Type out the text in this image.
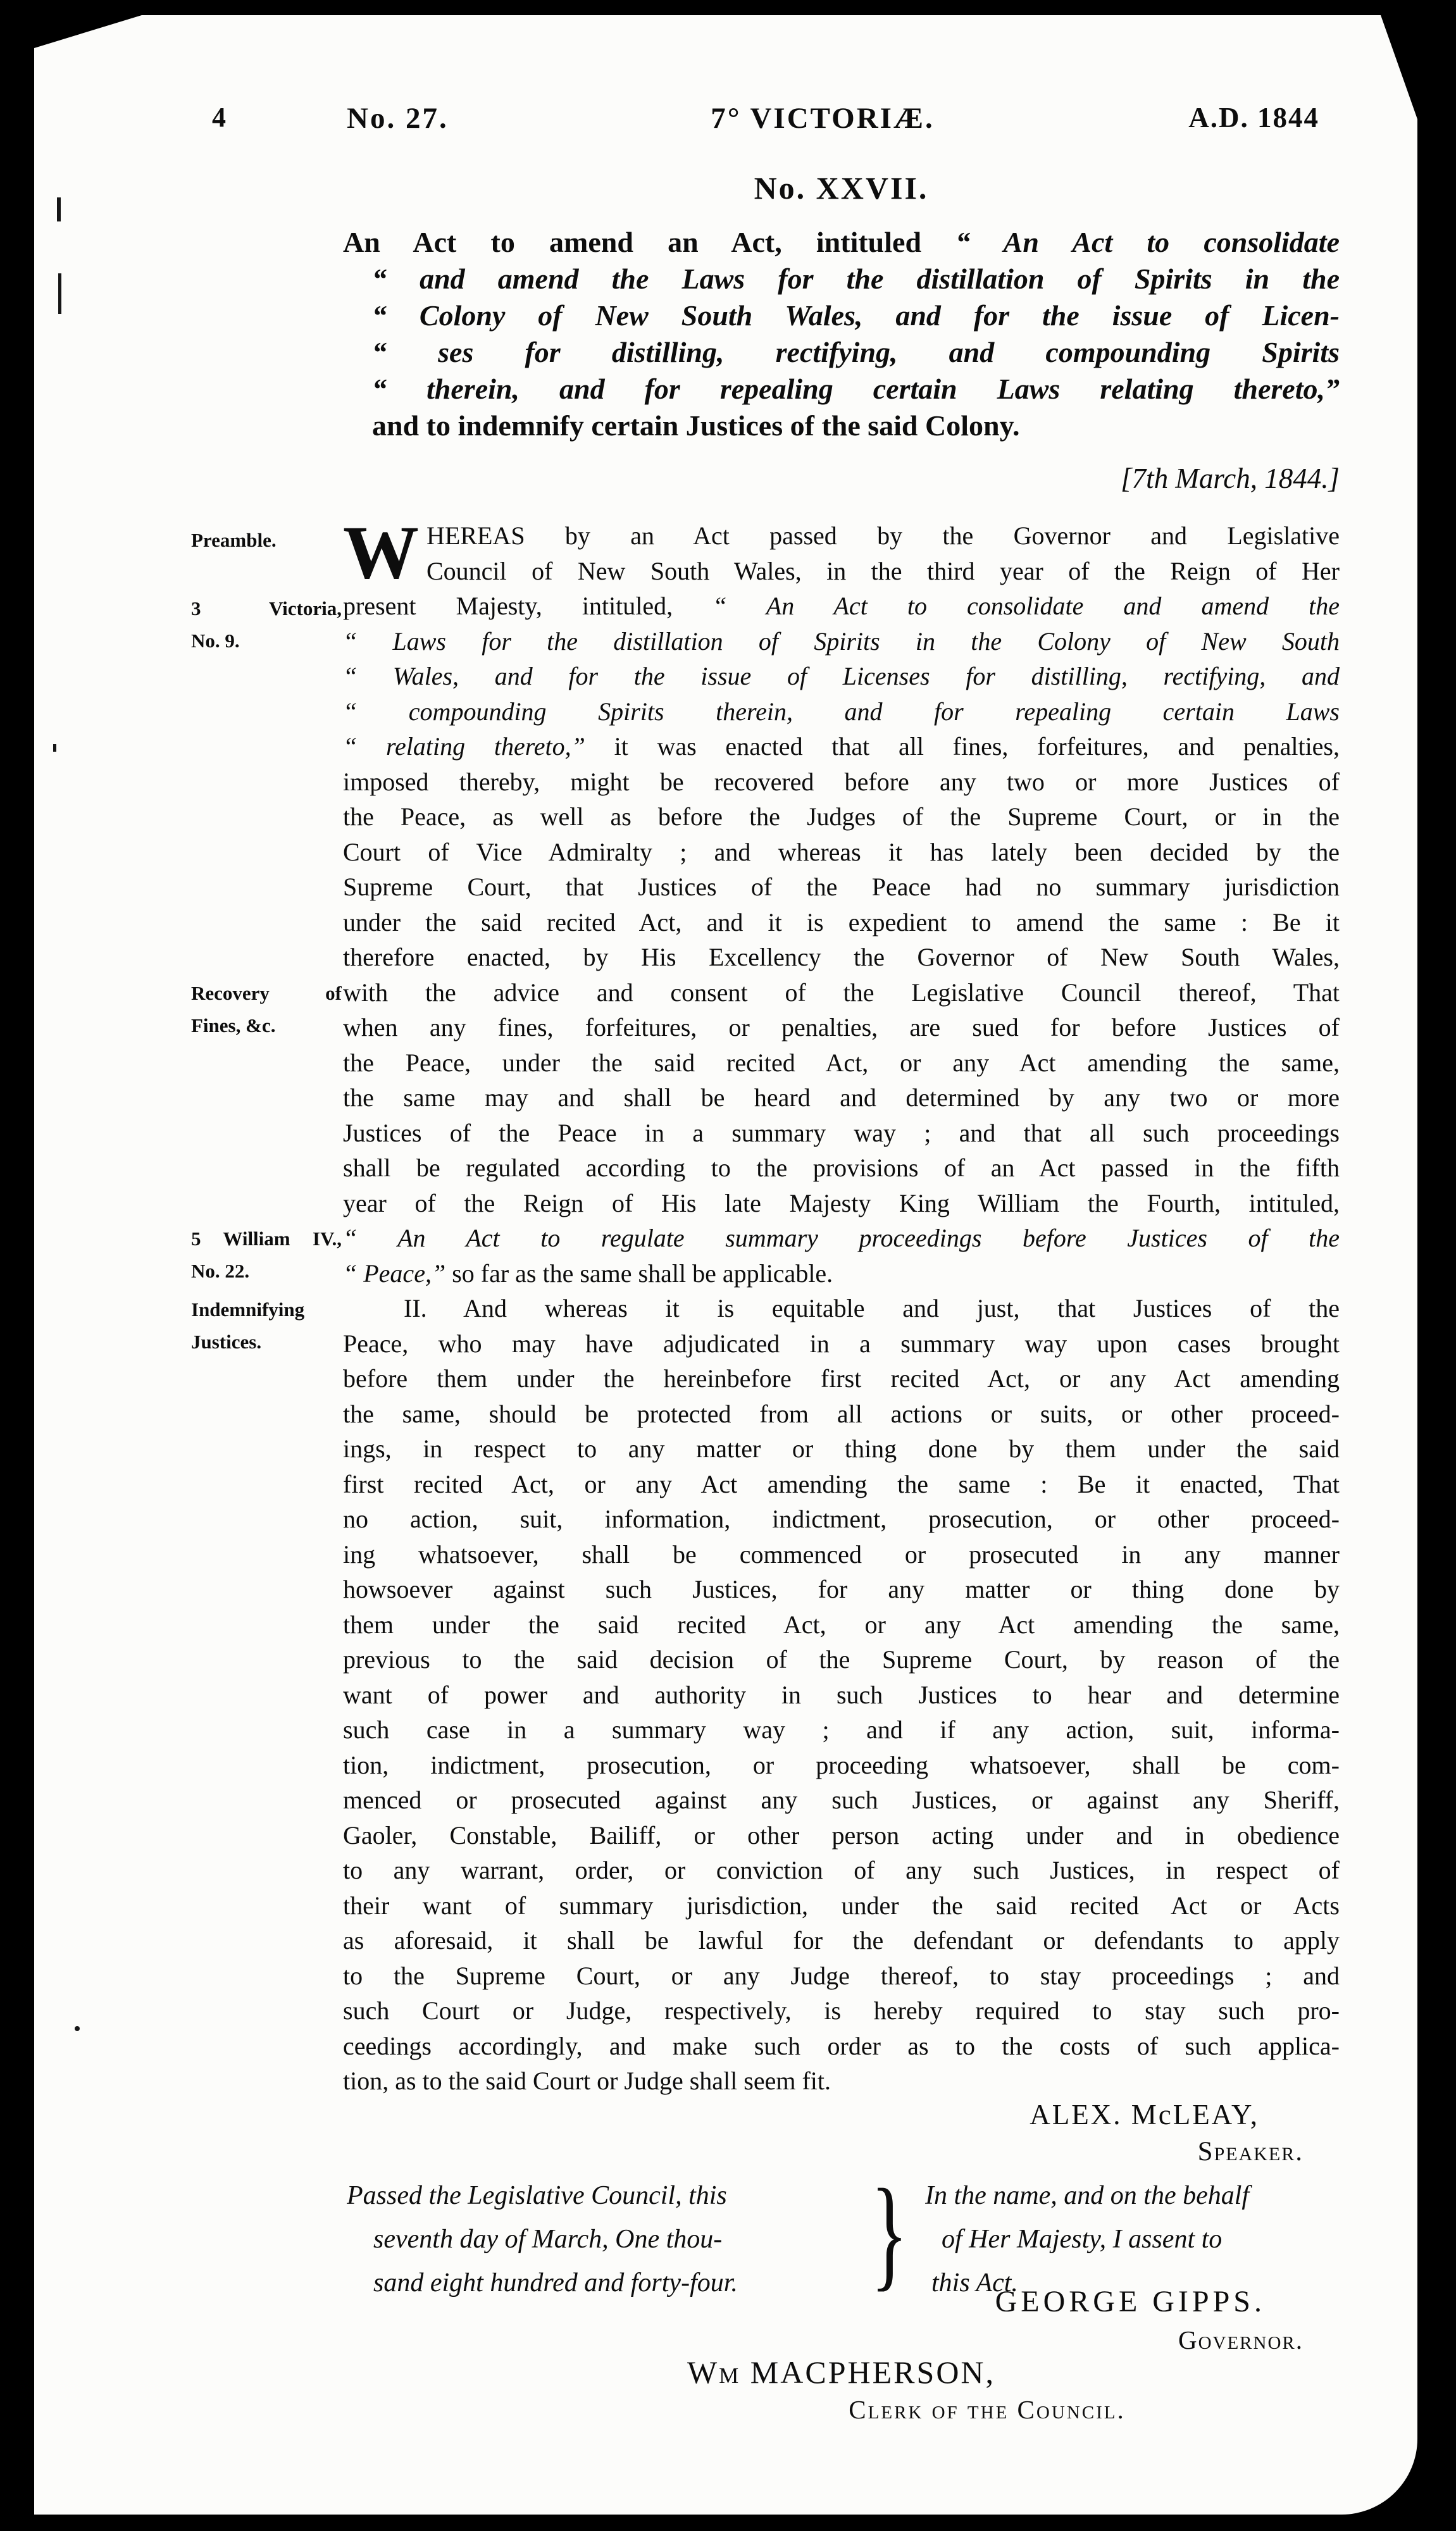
4	No. 27.	7° VICTORIÆ.	A.D. 1844
No. XXVII.
An Act to amend an Act, intituled “ An Act to consolidate
“ and amend the Laws for the distillation of Spirits in the
“ Colony of New South Wales, and for the issue of Licen-
“ ses for distilling, rectifying, and compounding Spirits
“ therein, and for repealing certain Laws relating thereto,”
and to indemnify certain Justices of the said Colony.
[7th March, 1844.]
Preamble.
3 Victoria,
No. 9.
Recovery of
Fines, &c.
5 William IV.,
No. 22.
Indemnifying
Justices.
W HEREAS by an Act passed by the Governor and Legislative
Council of New South Wales, in the third year of the Reign of Her
present Majesty, intituled, “ An Act to consolidate and amend the
“ Laws for the distillation of Spirits in the Colony of New South
“ Wales, and for the issue of Licenses for distilling, rectifying, and
“ compounding Spirits therein, and for repealing certain Laws
“ relating thereto,” it was enacted that all fines, forfeitures, and penalties,
imposed thereby, might be recovered before any two or more Justices of
the Peace, as well as before the Judges of the Supreme Court, or in the
Court of Vice Admiralty ; and whereas it has lately been decided by the
Supreme Court, that Justices of the Peace had no summary jurisdiction
under the said recited Act, and it is expedient to amend the same : Be it
therefore enacted, by His Excellency the Governor of New South Wales,
with the advice and consent of the Legislative Council thereof, That
when any fines, forfeitures, or penalties, are sued for before Justices of
the Peace, under the said recited Act, or any Act amending the same,
the same may and shall be heard and determined by any two or more
Justices of the Peace in a summary way ; and that all such proceedings
shall be regulated according to the provisions of an Act passed in the fifth
year of the Reign of His late Majesty King William the Fourth, intituled,
“ An Act to regulate summary proceedings before Justices of the
“ Peace,” so far as the same shall be applicable.
II. And whereas it is equitable and just, that Justices of the
Peace, who may have adjudicated in a summary way upon cases brought
before them under the hereinbefore first recited Act, or any Act amending
the same, should be protected from all actions or suits, or other proceed-
ings, in respect to any matter or thing done by them under the said
first recited Act, or any Act amending the same : Be it enacted, That
no action, suit, information, indictment, prosecution, or other proceed-
ing whatsoever, shall be commenced or prosecuted in any manner
howsoever against such Justices, for any matter or thing done by
them under the said recited Act, or any Act amending the same,
previous to the said decision of the Supreme Court, by reason of the
want of power and authority in such Justices to hear and determine
such case in a summary way ; and if any action, suit, informa-
tion, indictment, prosecution, or proceeding whatsoever, shall be com-
menced or prosecuted against any such Justices, or against any Sheriff,
Gaoler, Constable, Bailiff, or other person acting under and in obedience
to any warrant, order, or conviction of any such Justices, in respect of
their want of summary jurisdiction, under the said recited Act or Acts
as aforesaid, it shall be lawful for the defendant or defendants to apply
to the Supreme Court, or any Judge thereof, to stay proceedings ; and
such Court or Judge, respectively, is hereby required to stay such pro-
ceedings accordingly, and make such order as to the costs of such applica-
tion, as to the said Court or Judge shall seem fit.
ALEX. McLEAY,
Speaker.
Passed the Legislative Council, this
seventh day of March, One thou-
sand eight hundred and forty-four.	} In the name, and on the behalf
of Her Majesty, I assent to
this Act.
GEORGE GIPPS.
Governor.
Wm MACPHERSON,
Clerk of the Council.
